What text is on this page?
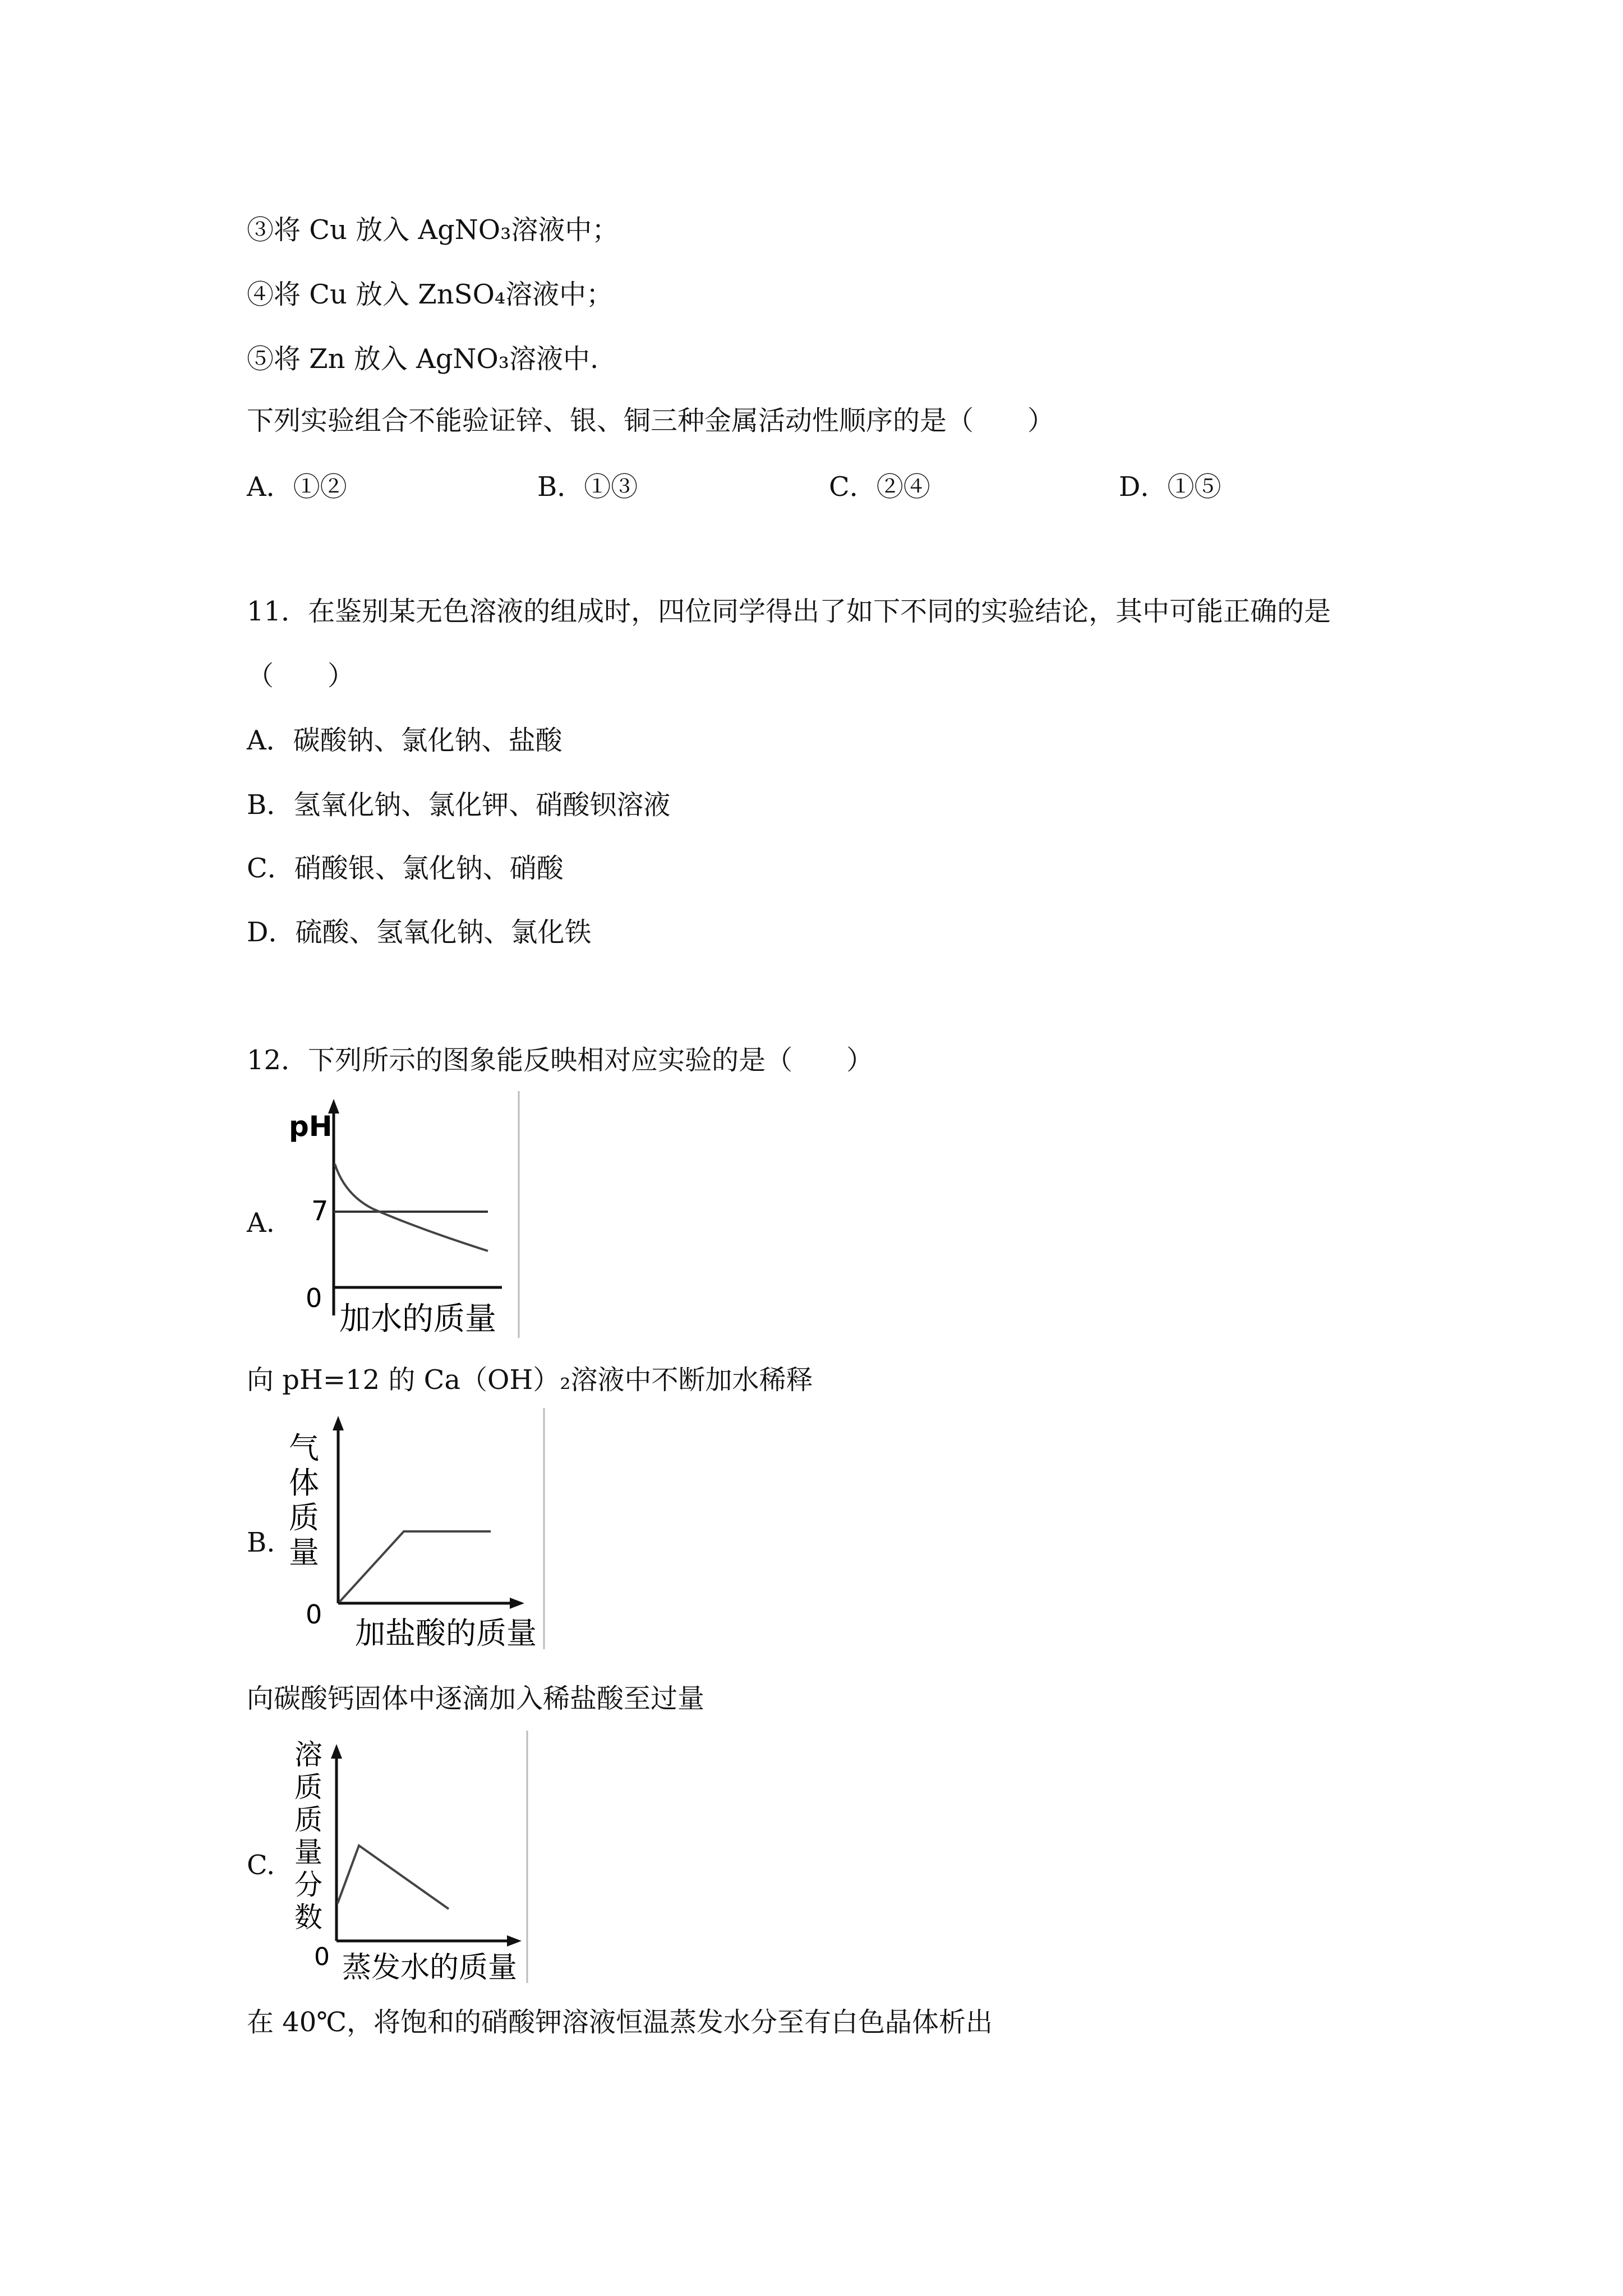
③将 Cu 放入 AgNO₃溶液中；
④将 Cu 放入 ZnSO₄溶液中；
⑤将 Zn 放入 AgNO₃溶液中.
下列实验组合不能验证锌、银、铜三种金属活动性顺序的是（　　）
A．①②	B．①③	C．②④	D．①⑤
11．在鉴别某无色溶液的组成时，四位同学得出了如下不同的实验结论，其中可能正确的是
（　　）
A．碳酸钠、氯化钠、盐酸
B．氢氧化钠、氯化钾、硝酸钡溶液
C．硝酸银、氯化钠、硝酸
D．硫酸、氢氧化钠、氯化铁
12．下列所示的图象能反映相对应实验的是（　　）
A.
pH
7
0
加水的质量
向 pH=12 的 Ca（OH）₂溶液中不断加水稀释
B.
气
体
质
量
0
加盐酸的质量
向碳酸钙固体中逐滴加入稀盐酸至过量
C.
溶
质
质
量
分
数
0 蒸发水的质量
在 40℃，将饱和的硝酸钾溶液恒温蒸发水分至有白色晶体析出
